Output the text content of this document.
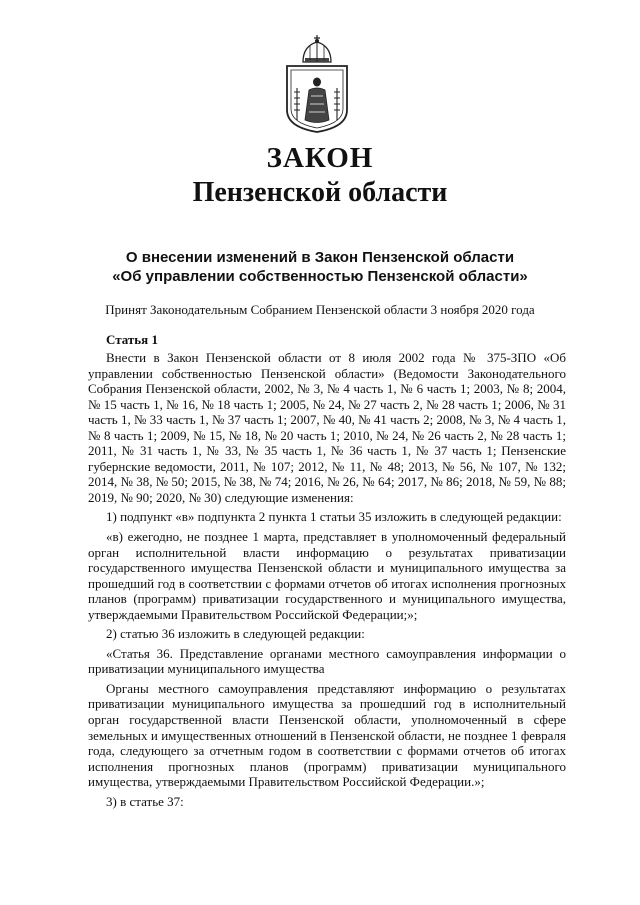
ЗАКОН
Пензенской области
О внесении изменений в Закон Пензенской области
«Об управлении собственностью Пензенской области»
Принят Законодательным Собранием Пензенской области 3 ноября 2020 года
Статья 1

Внести в Закон Пензенской области от 8 июля 2002 года № 375-ЗПО «Об управлении собственностью Пензенской области» (Ведомости Законодательного Собрания Пензенской области, 2002, № 3, № 4 часть 1, № 6 часть 1; 2003, № 8; 2004, № 15 часть 1, № 16, № 18 часть 1; 2005, № 24, № 27 часть 2, № 28 часть 1; 2006, № 31 часть 1, № 33 часть 1, № 37 часть 1; 2007, № 40, № 41 часть 2; 2008, № 3, № 4 часть 1, № 8 часть 1; 2009, № 15, № 18, № 20 часть 1; 2010, № 24, № 26 часть 2, № 28 часть 1; 2011, № 31 часть 1, № 33, № 35 часть 1, № 36 часть 1, № 37 часть 1; Пензенские губернские ведомости, 2011, № 107; 2012, № 11, № 48; 2013, № 56, № 107, № 132; 2014, № 38, № 50; 2015, № 38, № 74; 2016, № 26, № 64; 2017, № 86; 2018, № 59, № 88; 2019, № 90; 2020, № 30) следующие изменения:

1) подпункт «в» подпункта 2 пункта 1 статьи 35 изложить в следующей редакции:

«в) ежегодно, не позднее 1 марта, представляет в уполномоченный федеральный орган исполнительной власти информацию о результатах приватизации государственного имущества Пензенской области и муниципального имущества за прошедший год в соответствии с формами отчетов об итогах исполнения прогнозных планов (программ) приватизации государственного и муниципального имущества, утверждаемыми Правительством Российской Федерации;»;

2) статью 36 изложить в следующей редакции:

«Статья 36. Представление органами местного самоуправления информации о приватизации муниципального имущества

Органы местного самоуправления представляют информацию о результатах приватизации муниципального имущества за прошедший год в исполнительный орган государственной власти Пензенской области, уполномоченный в сфере земельных и имущественных отношений в Пензенской области, не позднее 1 февраля года, следующего за отчетным годом в соответствии с формами отчетов об итогах исполнения прогнозных планов (программ) приватизации муниципального имущества, утверждаемыми Правительством Российской Федерации.»;

3) в статье 37:
